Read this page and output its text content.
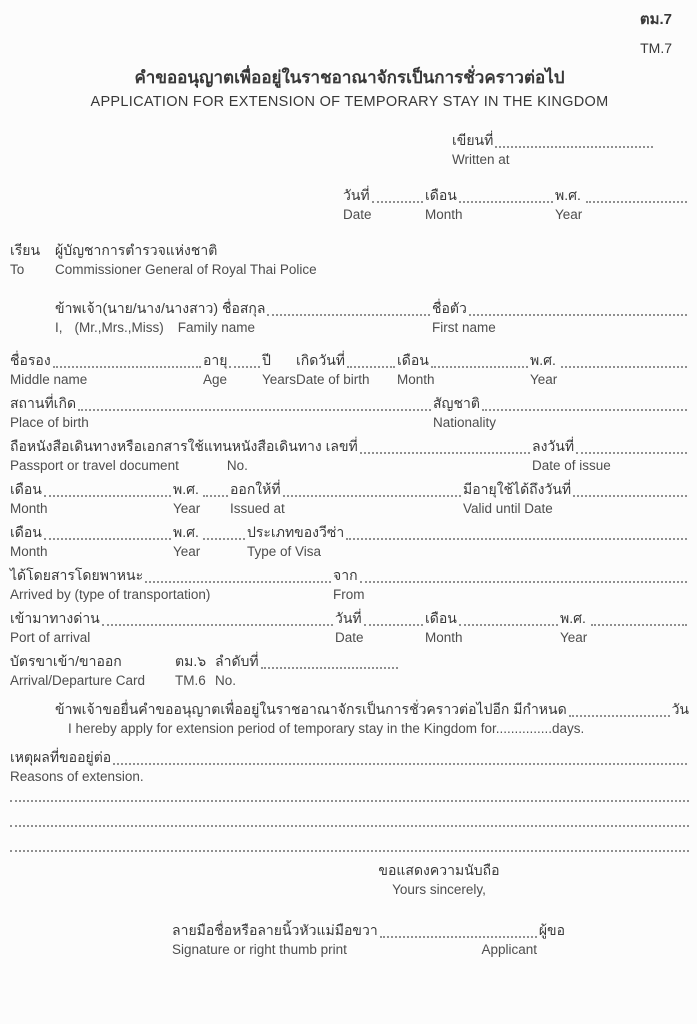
ตม.7
TM.7
คำขออนุญาตเพื่ออยู่ในราชอาณาจักรเป็นการชั่วคราวต่อไป
APPLICATION FOR EXTENSION OF TEMPORARY STAY IN THE KINGDOM
เขียนที่
Written at
วันที่
Date
เดือน
Month
พ.ศ.
Year
เรียน
To
ผู้บัญชาการตำรวจแห่งชาติ
Commissioner General of Royal Thai Police
ข้าพเจ้า(นาย/นาง/นางสาว) ชื่อสกุล
I, (Mr.,Mrs.,Miss) Family name
ชื่อตัว
First name
ชื่อรอง
Middle name
อายุ
Age
ปี
Years
เกิดวันที่
Date of birth
เดือน
Month
พ.ศ.
Year
สถานที่เกิด
Place of birth
สัญชาติ
Nationality
ถือหนังสือเดินทางหรือเอกสารใช้แทนหนังสือเดินทาง เลขที่
Passport or travel document	No.
ลงวันที่
Date of issue
เดือน
Month
พ.ศ.
Year
ออกให้ที่
Issued at
มีอายุใช้ได้ถึงวันที่
Valid until Date
เดือน
Month
พ.ศ.
Year
ประเภทของวีซ่า
Type of Visa
ได้โดยสารโดยพาหนะ
Arrived by (type of transportation)
จาก
From
เข้ามาทางด่าน
Port of arrival
วันที่
Date
เดือน
Month
พ.ศ.
Year
บัตรขาเข้า/ขาออก
Arrival/Departure Card
ตม.๖
TM.6
ลำดับที่
No.
ข้าพเจ้าขอยื่นคำขออนุญาตเพื่ออยู่ในราชอาณาจักรเป็นการชั่วคราวต่อไปอีก มีกำหนด	วัน
I hereby apply for extension period of temporary stay in the Kingdom for...............days.
เหตุผลที่ขออยู่ต่อ
Reasons of extension.
ขอแสดงความนับถือ
Yours sincerely,
ลายมือชื่อหรือลายนิ้วหัวแม่มือขวา	ผู้ขอ
Signature or right thumb print	Applicant
